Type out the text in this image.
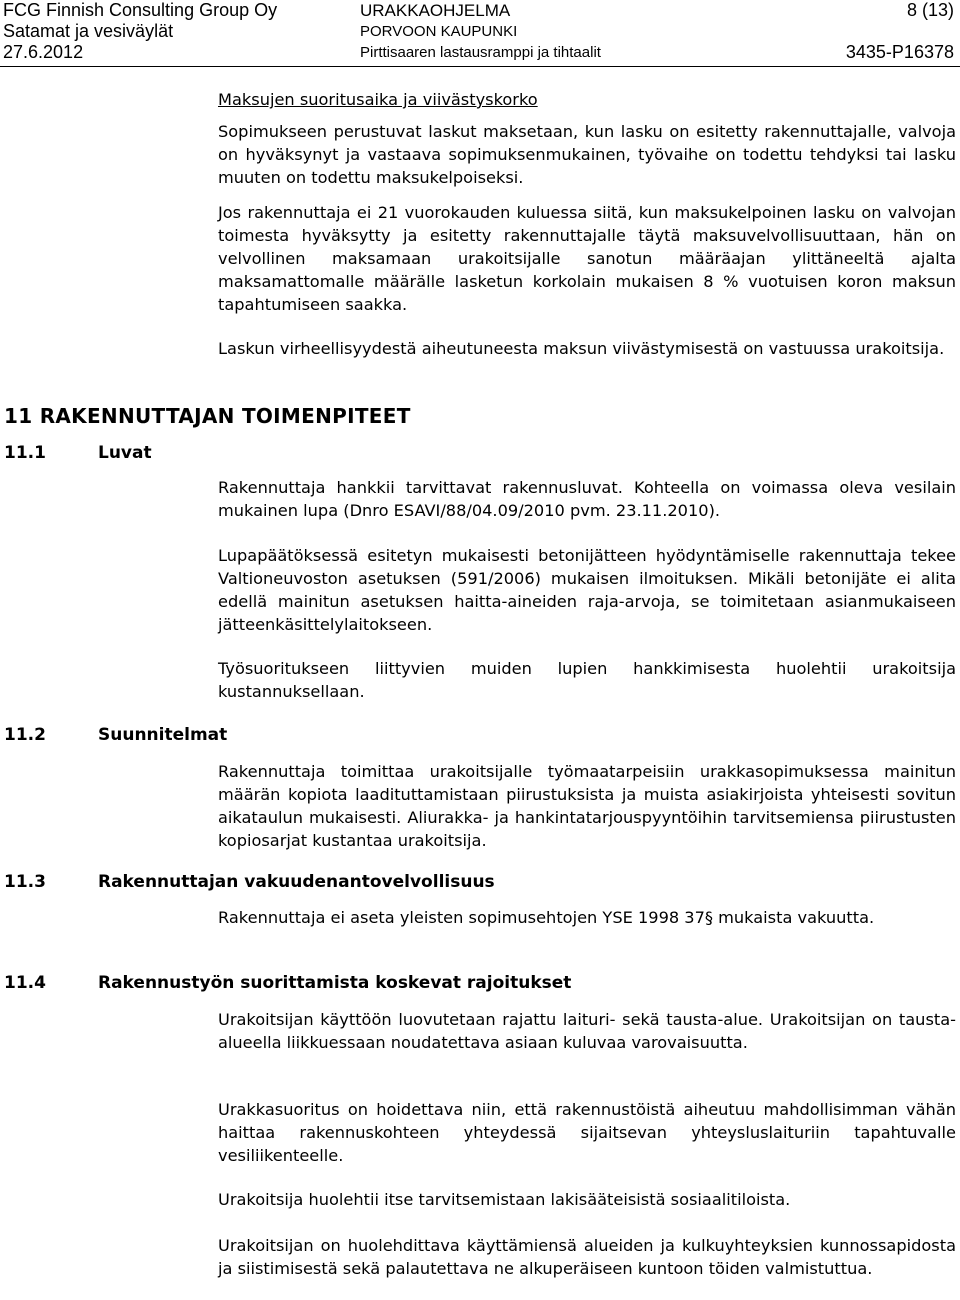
FCG Finnish Consulting Group Oy
Satamat ja vesiväylät
27.6.2012
URAKKAOHJELMA
PORVOON KAUPUNKI
Pirttisaaren lastausramppi ja tihtaalit
8 (13)

3435-P16378
Maksujen suoritusaika ja viivästyskorko
Sopimukseen perustuvat laskut maksetaan, kun lasku on esitetty rakennuttajalle, valvoja on hyväksynyt ja vastaava sopimuksenmukainen, työvaihe on todettu tehdyksi tai lasku muuten on todettu maksukelpoiseksi.
Jos rakennuttaja ei 21 vuorokauden kuluessa siitä, kun maksukelpoinen lasku on valvojan toimesta hyväksytty ja esitetty rakennuttajalle täytä maksuvelvollisuuttaan, hän on velvollinen maksamaan urakoitsijalle sanotun määräajan ylittäneeltä ajalta maksamattomalle määrälle lasketun korkolain mukaisen 8 % vuotuisen koron maksun tapahtumiseen saakka.
Laskun virheellisyydestä aiheutuneesta maksun viivästymisestä on vastuussa urakoitsija.
11 RAKENNUTTAJAN TOIMENPITEET
11.1	Luvat
Rakennuttaja hankkii tarvittavat rakennusluvat. Kohteella on voimassa oleva vesilain mukainen lupa (Dnro ESAVI/88/04.09/2010 pvm. 23.11.2010).
Lupapäätöksessä esitetyn mukaisesti betonijätteen hyödyntämiselle rakennuttaja tekee Valtioneuvoston asetuksen (591/2006) mukaisen ilmoituksen. Mikäli betonijäte ei alita edellä mainitun asetuksen haitta-aineiden raja-arvoja, se toimitetaan asianmukaiseen jätteenkäsittelylaitokseen.
Työsuoritukseen liittyvien muiden lupien hankkimisesta huolehtii urakoitsija kustannuksellaan.
11.2	Suunnitelmat
Rakennuttaja toimittaa urakoitsijalle työmaatarpeisiin urakkasopimuksessa mainitun määrän kopiota laadituttamistaan piirustuksista ja muista asiakirjoista yhteisesti sovitun aikataulun mukaisesti. Aliurakka- ja hankintatarjouspyyntöihin tarvitsemiensa piirustusten kopiosarjat kustantaa urakoitsija.
11.3	Rakennuttajan vakuudenantovelvollisuus
Rakennuttaja ei aseta yleisten sopimusehtojen YSE 1998 37§ mukaista vakuutta.
11.4	Rakennustyön suorittamista koskevat rajoitukset
Urakoitsijan käyttöön luovutetaan rajattu laituri- sekä tausta-alue. Urakoitsijan on tausta-alueella liikkuessaan noudatettava asiaan kuluvaa varovaisuutta.
Urakkasuoritus on hoidettava niin, että rakennustöistä aiheutuu mahdollisimman vähän haittaa rakennuskohteen yhteydessä sijaitsevan yhteysluslaituriin tapahtuvalle vesiliikenteelle.
Urakoitsija huolehtii itse tarvitsemistaan lakisääteisistä sosiaalitiloista.
Urakoitsijan on huolehdittava käyttämiensä alueiden ja kulkuyhteyksien kunnossapidosta ja siistimisestä sekä palautettava ne alkuperäiseen kuntoon töiden valmistuttua.
